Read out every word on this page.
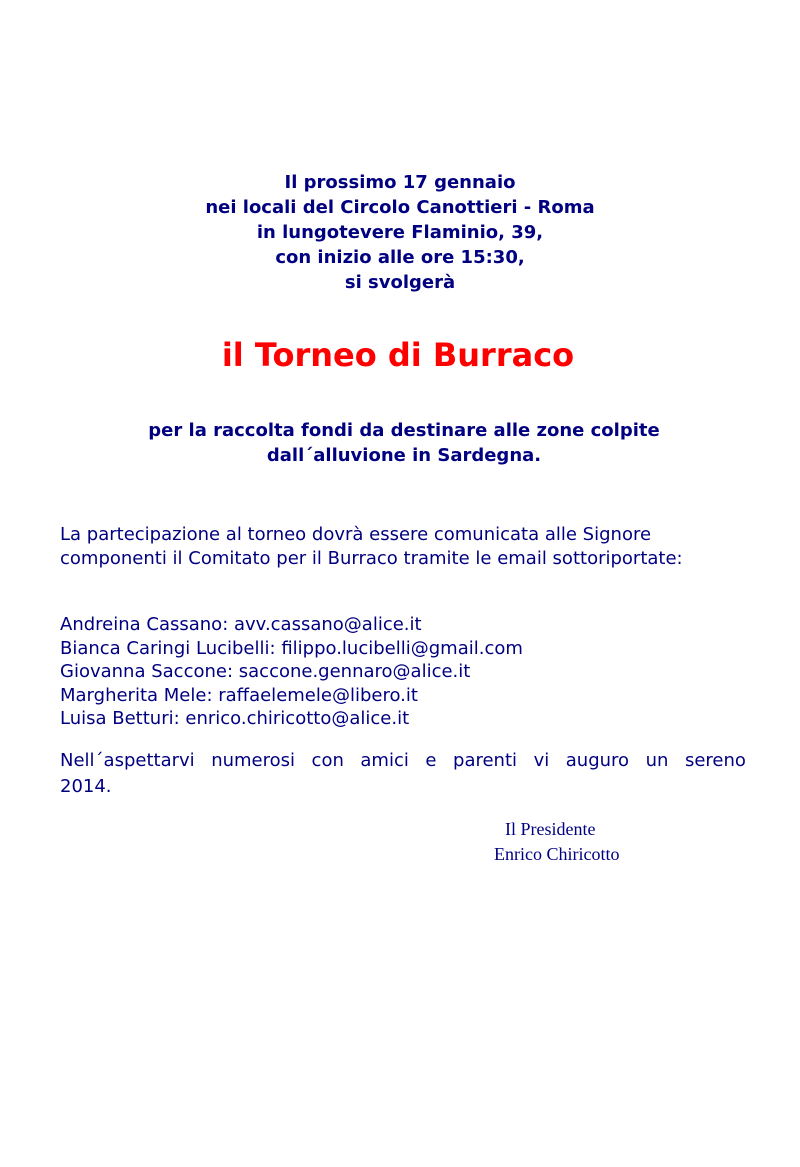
Il prossimo 17 gennaio
nei locali del Circolo Canottieri - Roma
in lungotevere Flaminio, 39,
con inizio alle ore 15:30,
si svolgerà
il Torneo di Burraco
per la raccolta fondi da destinare alle zone colpite
dall´alluvione in Sardegna.
La partecipazione al torneo dovrà essere comunicata alle Signore
componenti il Comitato per il Burraco tramite le email sottoriportate:
Andreina Cassano: avv.cassano@alice.it
Bianca Caringi Lucibelli: filippo.lucibelli@gmail.com
Giovanna Saccone: saccone.gennaro@alice.it
Margherita Mele: raffaelemele@libero.it
Luisa Betturi: enrico.chiricotto@alice.it
Nell´aspettarvi numerosi con amici e parenti vi auguro un sereno
2014.
Il Presidente
Enrico Chiricotto
